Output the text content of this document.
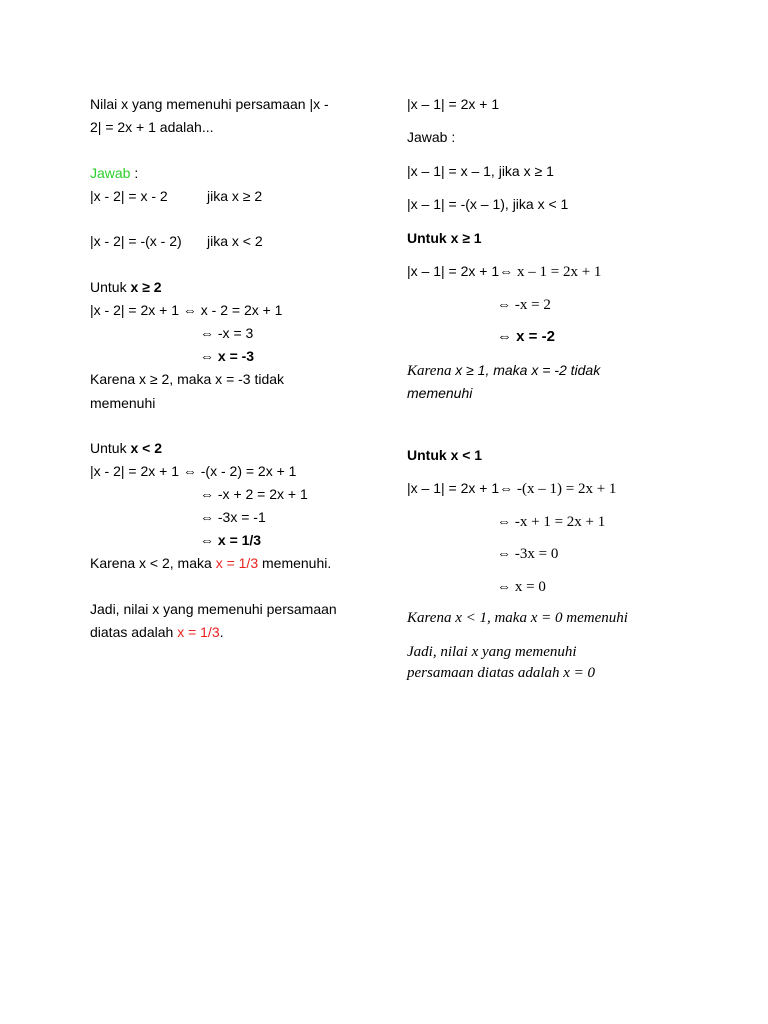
Nilai x yang memenuhi persamaan |x -
2| = 2x + 1 adalah...
Jawab :
|x - 2| = x - 2	jika x ≥ 2
|x - 2| = -(x - 2) jika x < 2
Untuk x ≥ 2
|x - 2| = 2x + 1 ⇔ x - 2 = 2x + 1
⇔ -x = 3
⇔ x = -3
Karena x ≥ 2, maka x = -3 tidak
memenuhi
Untuk x < 2
|x - 2| = 2x + 1 ⇔ -(x - 2) = 2x + 1
⇔ -x + 2 = 2x + 1
⇔ -3x = -1
⇔ x = 1/3
Karena x < 2, maka x = 1/3 memenuhi.
Jadi, nilai x yang memenuhi persamaan
diatas adalah x = 1/3.
|x – 1| = 2x + 1
Jawab :
|x – 1| = x – 1, jika x ≥ 1
|x – 1| = -(x – 1), jika x < 1
Untuk x ≥ 1
|x – 1| = 2x + 1⇔ x – 1 = 2x + 1
⇔ -x = 2
⇔ x = -2
Karena x ≥ 1, maka x = -2 tidak
memenuhi
Untuk x < 1
|x – 1| = 2x + 1⇔ -(x – 1) = 2x + 1
⇔ -x + 1 = 2x + 1
⇔ -3x = 0
⇔ x = 0
Karena x < 1, maka x = 0 memenuhi
Jadi, nilai x yang memenuhi
persamaan diatas adalah x = 0
